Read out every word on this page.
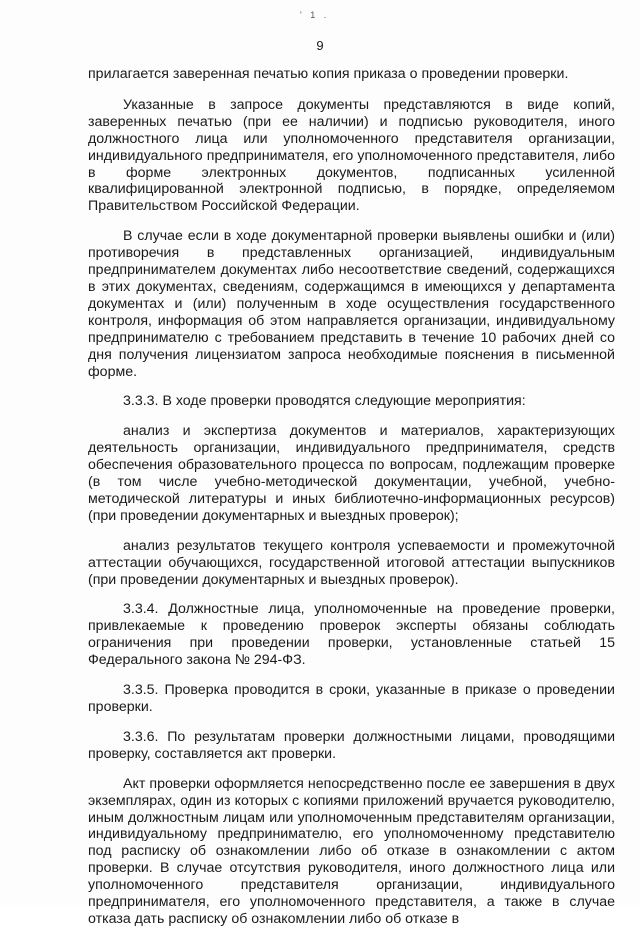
' 1 .
9

прилагается заверенная печатью копия приказа о проведении проверки.

Указанные в запросе документы представляются в виде копий, заверенных печатью (при ее наличии) и подписью руководителя, иного должностного лица или уполномоченного представителя организации, индивидуального предпринимателя, его уполномоченного представителя, либо в форме электронных документов, подписанных усиленной квалифицированной электронной подписью, в порядке, определяемом Правительством Российской Федерации.

В случае если в ходе документарной проверки выявлены ошибки и (или) противоречия в представленных организацией, индивидуальным предпринимателем документах либо несоответствие сведений, содержащихся в этих документах, сведениям, содержащимся в имеющихся у департамента документах и (или) полученным в ходе осуществления государственного контроля, информация об этом направляется организации, индивидуальному предпринимателю с требованием представить в течение 10 рабочих дней со дня получения лицензиатом запроса необходимые пояснения в письменной форме.

3.3.3. В ходе проверки проводятся следующие мероприятия:

анализ и экспертиза документов и материалов, характеризующих деятельность организации, индивидуального предпринимателя, средств обеспечения образовательного процесса по вопросам, подлежащим проверке (в том числе учебно-методической документации, учебной, учебно-методической литературы и иных библиотечно-информационных ресурсов) (при проведении документарных и выездных проверок);

анализ результатов текущего контроля успеваемости и промежуточной аттестации обучающихся, государственной итоговой аттестации выпускников (при проведении документарных и выездных проверок).

3.3.4. Должностные лица, уполномоченные на проведение проверки, привлекаемые к проведению проверок эксперты обязаны соблюдать ограничения при проведении проверки, установленные статьей 15 Федерального закона № 294-ФЗ.

3.3.5. Проверка проводится в сроки, указанные в приказе о проведении проверки.

3.3.6. По результатам проверки должностными лицами, проводящими проверку, составляется акт проверки.

Акт проверки оформляется непосредственно после ее завершения в двух экземплярах, один из которых с копиями приложений вручается руководителю, иным должностным лицам или уполномоченным представителям организации, индивидуальному предпринимателю, его уполномоченному представителю под расписку об ознакомлении либо об отказе в ознакомлении с актом проверки. В случае отсутствия руководителя, иного должностного лица или уполномоченного представителя организации, индивидуального предпринимателя, его уполномоченного представителя, а также в случае отказа дать расписку об ознакомлении либо об отказе в
